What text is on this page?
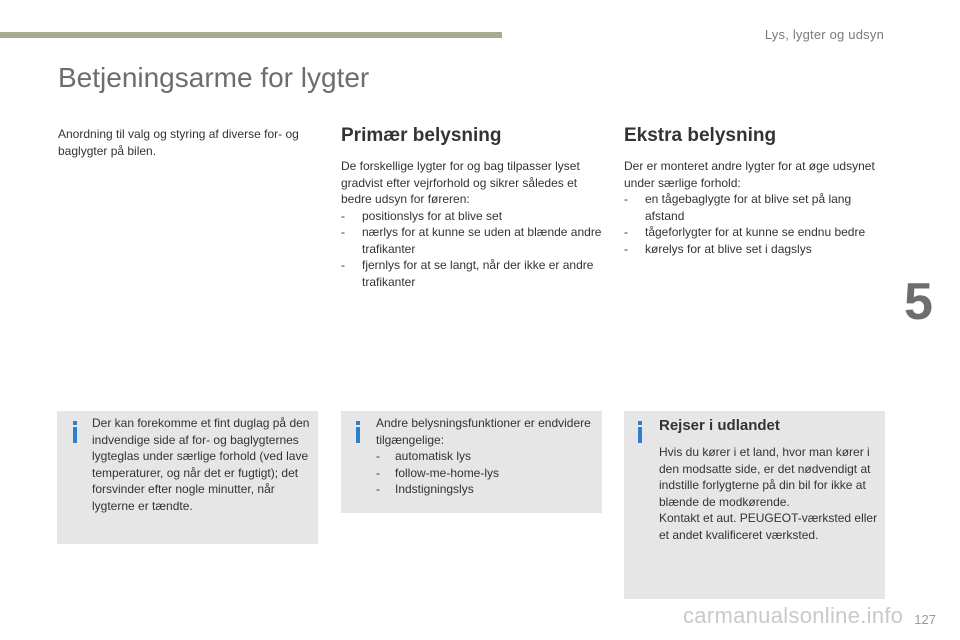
Lys, lygter og udsyn
Betjeningsarme for lygter
5

Anordning til valg og styring af diverse for- og baglygter på bilen.

Primær belysning

De forskellige lygter for og bag tilpasser lyset gradvist efter vejrforhold og sikrer således et bedre udsyn for føreren:

- positionslys for at blive set
- nærlys for at kunne se uden at blænde andre trafikanter
- fjernlys for at se langt, når der ikke er andre trafikanter
Ekstra belysning

Der er monteret andre lygter for at øge udsynet under særlige forhold:

- en tågebaglygte for at blive set på lang afstand
- tågeforlygter for at kunne se endnu bedre
- kørelys for at blive set i dagslys

Der kan forekomme et fint duglag på den indvendige side af for- og baglygternes lygteglas under særlige forhold (ved lave temperaturer, og når det er fugtigt); det forsvinder efter nogle minutter, når lygterne er tændte.

Andre belysningsfunktioner er endvidere tilgængelige:

- automatisk lys
- follow-me-home-lys
- Indstigningslys
Rejser i udlandet

Hvis du kører i et land, hvor man kører i den modsatte side, er det nødvendigt at indstille forlygterne på din bil for ikke at blænde de modkørende.

Kontakt et aut. PEUGEOT-værksted eller et andet kvalificeret værksted.

carmanualsonline.info 127
